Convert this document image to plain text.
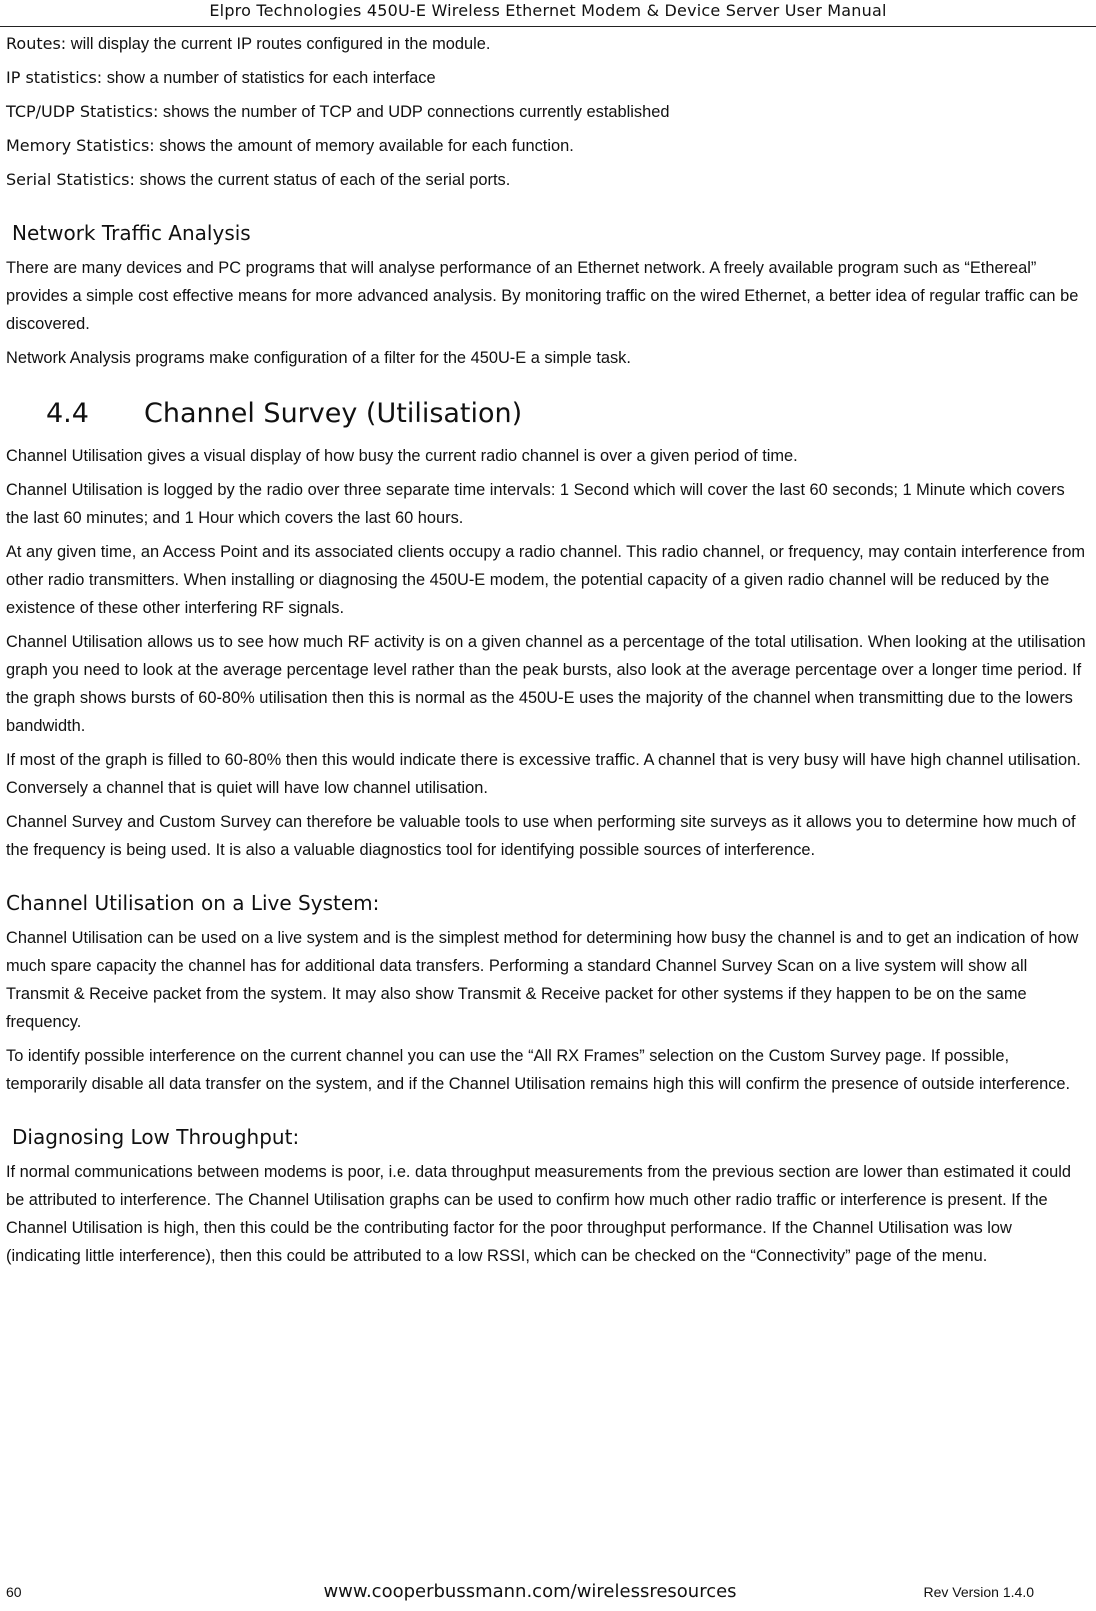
Elpro Technologies 450U-E Wireless Ethernet Modem & Device Server User Manual
Routes: will display the current IP routes configured in the module.
IP statistics: show a number of statistics for each interface
TCP/UDP Statistics: shows the number of TCP and UDP connections currently established
Memory Statistics: shows the amount of memory available for each function.
Serial Statistics: shows the current status of each of the serial ports.
Network Traffic Analysis

There are many devices and PC programs that will analyse performance of an Ethernet network. A freely available program such as “Ethereal” provides a simple cost effective means for more advanced analysis. By monitoring traffic on the wired Ethernet, a better idea of regular traffic can be discovered.

Network Analysis programs make configuration of a filter for the 450U-E a simple task.

4.4	Channel Survey (Utilisation)

Channel Utilisation gives a visual display of how busy the current radio channel is over a given period of time.

Channel Utilisation is logged by the radio over three separate time intervals: 1 Second which will cover the last 60 seconds; 1 Minute which covers the last 60 minutes; and 1 Hour which covers the last 60 hours.

At any given time, an Access Point and its associated clients occupy a radio channel. This radio channel, or frequency, may contain interference from other radio transmitters. When installing or diagnosing the 450U-E modem, the potential capacity of a given radio channel will be reduced by the existence of these other interfering RF signals.

Channel Utilisation allows us to see how much RF activity is on a given channel as a percentage of the total utilisation. When looking at the utilisation graph you need to look at the average percentage level rather than the peak bursts, also look at the average percentage over a longer time period. If the graph shows bursts of 60-80% utilisation then this is normal as the 450U-E uses the majority of the channel when transmitting due to the lowers bandwidth.

If most of the graph is filled to 60-80% then this would indicate there is excessive traffic. A channel that is very busy will have high channel utilisation. Conversely a channel that is quiet will have low channel utilisation.

Channel Survey and Custom Survey can therefore be valuable tools to use when performing site surveys as it allows you to determine how much of the frequency is being used. It is also a valuable diagnostics tool for identifying possible sources of interference.

Channel Utilisation on a Live System:

Channel Utilisation can be used on a live system and is the simplest method for determining how busy the channel is and to get an indication of how much spare capacity the channel has for additional data transfers. Performing a standard Channel Survey Scan on a live system will show all Transmit & Receive packet from the system. It may also show Transmit & Receive packet for other systems if they happen to be on the same frequency.

To identify possible interference on the current channel you can use the “All RX Frames” selection on the Custom Survey page. If possible, temporarily disable all data transfer on the system, and if the Channel Utilisation remains high this will confirm the presence of outside interference.

Diagnosing Low Throughput:

If normal communications between modems is poor, i.e. data throughput measurements from the previous section are lower than estimated it could be attributed to interference. The Channel Utilisation graphs can be used to confirm how much other radio traffic or interference is present. If the Channel Utilisation is high, then this could be the contributing factor for the poor throughput performance. If the Channel Utilisation was low (indicating little interference), then this could be attributed to a low RSSI, which can be checked on the “Connectivity” page of the menu.

60	www.cooperbussmann.com/wirelessresources	Rev Version 1.4.0
